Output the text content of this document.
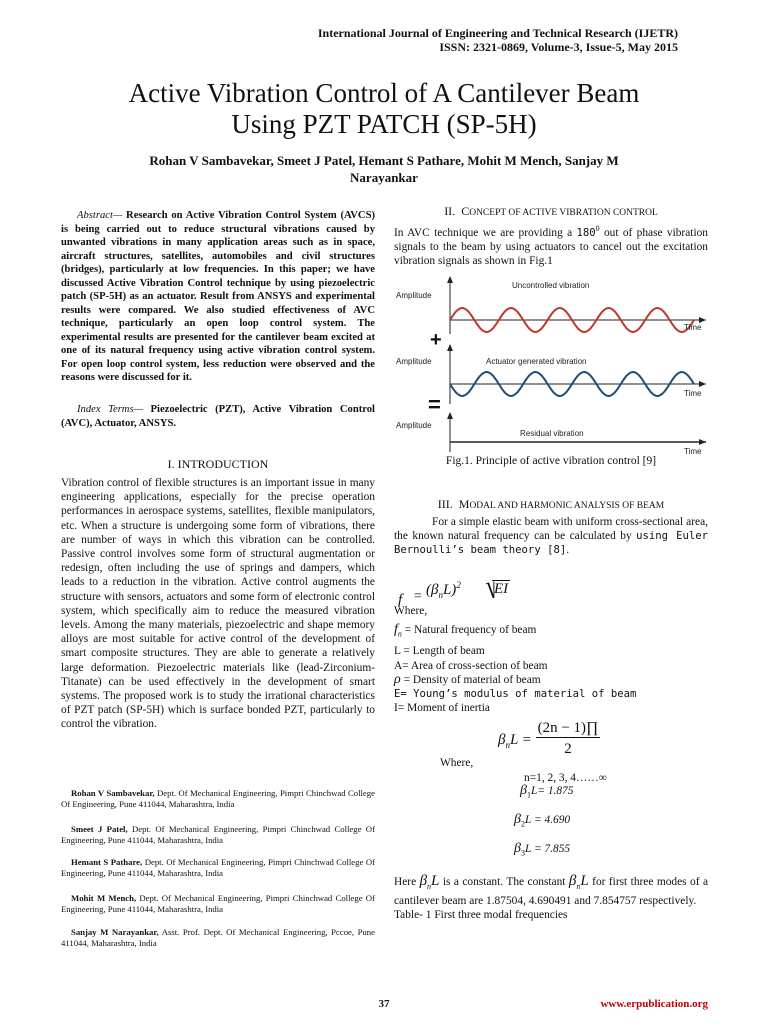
International Journal of Engineering and Technical Research (IJETR)
ISSN: 2321-0869, Volume-3, Issue-5, May 2015
Active Vibration Control of A Cantilever Beam
Using PZT PATCH (SP-5H)
Rohan V Sambavekar, Smeet J Patel, Hemant S Pathare, Mohit M Mench, Sanjay M
Narayankar
Abstract— Research on Active Vibration Control System (AVCS) is being carried out to reduce structural vibrations caused by unwanted vibrations in many application areas such as in space, aircraft structures, satellites, automobiles and civil structures (bridges), particularly at low frequencies. In this paper; we have discussed Active Vibration Control technique by using piezoelectric patch (SP-5H) as an actuator. Result from ANSYS and experimental results were compared. We also studied effectiveness of AVC technique, particularly an open loop control system. The experimental results are presented for the cantilever beam excited at one of its natural frequency using active vibration control system. For open loop control system, less reduction were observed and the reasons were discussed for it.
Index Terms— Piezoelectric (PZT), Active Vibration Control (AVC), Actuator, ANSYS.
I. INTRODUCTION
Vibration control of flexible structures is an important issue in many engineering applications, especially for the precise operation performances in aerospace systems, satellites, flexible manipulators, etc. When a structure is undergoing some form of vibrations, there are number of ways in which this vibration can be controlled. Passive control involves some form of structural augmentation or redesign, often including the use of springs and dampers, which leads to a reduction in the vibration. Active control augments the structure with sensors, actuators and some form of electronic control system, which specifically aim to reduce the measured vibration levels. Among the many materials, piezoelectric and shape memory alloys are most suitable for active control of the development of smart composite structures. They are able to generate a relatively large deformation. Piezoelectric materials like (lead-Zirconium-Titanate) can be used effectively in the development of smart systems. The proposed work is to study the irrational characteristics of PZT patch (SP-5H) which is surface bonded PZT, particularly to control the vibration.
Rohan V Sambavekar, Dept. Of Mechanical Engineering, Pimpri Chinchwad College Of Engineering, Pune 411044, Maharashtra, India
Smeet J Patel, Dept. Of Mechanical Engineering, Pimpri Chinchwad College Of Engineering, Pune 411044, Maharashtra, India
Hemant S Pathare, Dept. Of Mechanical Engineering, Pimpri Chinchwad College Of Engineering, Pune 411044, Maharashtra, India
Mohit M Mench, Dept. Of Mechanical Engineering, Pimpri Chinchwad College Of Engineering, Pune 411044, Maharashtra, India
Sanjay M Narayankar, Asst. Prof. Dept. Of Mechanical Engineering, Pccoe, Pune 411044, Maharashtra, India
II. CONCEPT OF ACTIVE VIBRATION CONTROL
In AVC technique we are providing a $180^0$ out of phase vibration signals to the beam by using actuators to cancel out the excitation vibration signals as shown in Fig.1
Amplitude
Uncontrolled vibration
Time
+
Amplitude	Actuator generated vibration
Time
=
Amplitude
Residual vibration
Time
Fig.1. Principle of active vibration control [9]
III. MODAL AND HARMONIC ANALYSIS OF BEAM
For a simple elastic beam with uniform cross-sectional area, the known natural frequency can be calculated by using Euler Bernoulli’s beam theory [8].
$f = (\beta_nL)^2$ ⎷
EI
Where,
$f_n$ = Natural frequency of beam
L = Length of beam
A= Area of cross-section of beam
ρ = Density of material of beam
E= Young’s modulus of material of beam
I= Moment of inertia
$\beta_nL$ =
(2n − 1)∏
2
Where,
n=1, 2, 3, 4……∞
$\beta_1L= 1.875$
$\beta_2L = 4.690$
$\beta_3L = 7.855$
Here $\beta_nL$ is a constant. The constant $\beta_nL$ for first three modes of a cantilever beam are 1.87504, 4.690491 and 7.854757 respectively.
Table- 1 First three modal frequencies
37	www.erpublication.org
